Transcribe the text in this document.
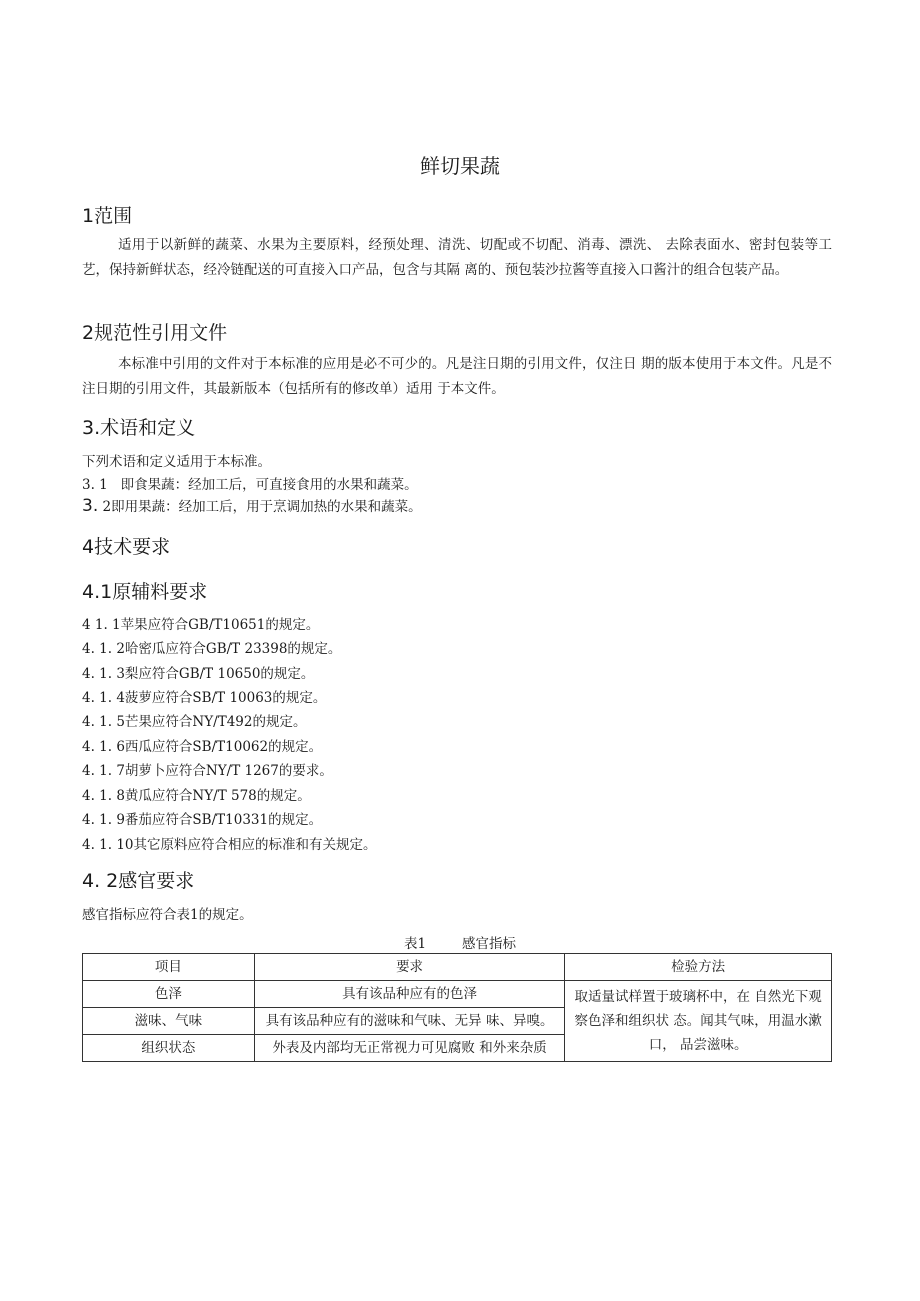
鲜切果蔬
1范围
适用于以新鲜的蔬菜、水果为主要原料，经预处理、清洗、切配或不切配、消毒、漂洗、 去除表面水、密封包装等工艺，保持新鲜状态，经冷链配送的可直接入口产品，包含与其隔 离的、预包装沙拉酱等直接入口酱汁的组合包装产品。
2规范性引用文件
本标准中引用的文件对于本标准的应用是必不可少的。凡是注日期的引用文件，仅注日 期的版本使用于本文件。凡是不注日期的引用文件，其最新版本（包括所有的修改单）适用 于本文件。
3.术语和定义
下列术语和定义适用于本标准。
3. 1 即食果蔬：经加工后，可直接食用的水果和蔬菜。
3. 2即用果蔬：经加工后，用于烹调加热的水果和蔬菜。
4技术要求
4.1原辅料要求
4 1. 1苹果应符合GB/T10651的规定。
4. 1. 2哈密瓜应符合GB/T 23398的规定。
4. 1. 3梨应符合GB/T 10650的规定。
4. 1. 4菠萝应符合SB/T 10063的规定。
4. 1. 5芒果应符合NY/T492的规定。
4. 1. 6西瓜应符合SB/T10062的规定。
4. 1. 7胡萝卜应符合NY/T 1267的要求。
4. 1. 8黄瓜应符合NY/T 578的规定。
4. 1. 9番茄应符合SB/T10331的规定。
4. 1. 10其它原料应符合相应的标准和有关规定。
4. 2感官要求
感官指标应符合表1的规定。
表1	感官指标
项目	要求	检验方法
色泽	具有该品种应有的色泽	取适量试样置于玻璃杯中，在 自然光下观察色泽和组织状 态。闻其气味，用温水漱口， 品尝滋味。
滋味、气味	具有该品种应有的滋味和气味、无异 味、异嗅。	
组织状态	外表及内部均无正常视力可见腐败 和外来杂质	
